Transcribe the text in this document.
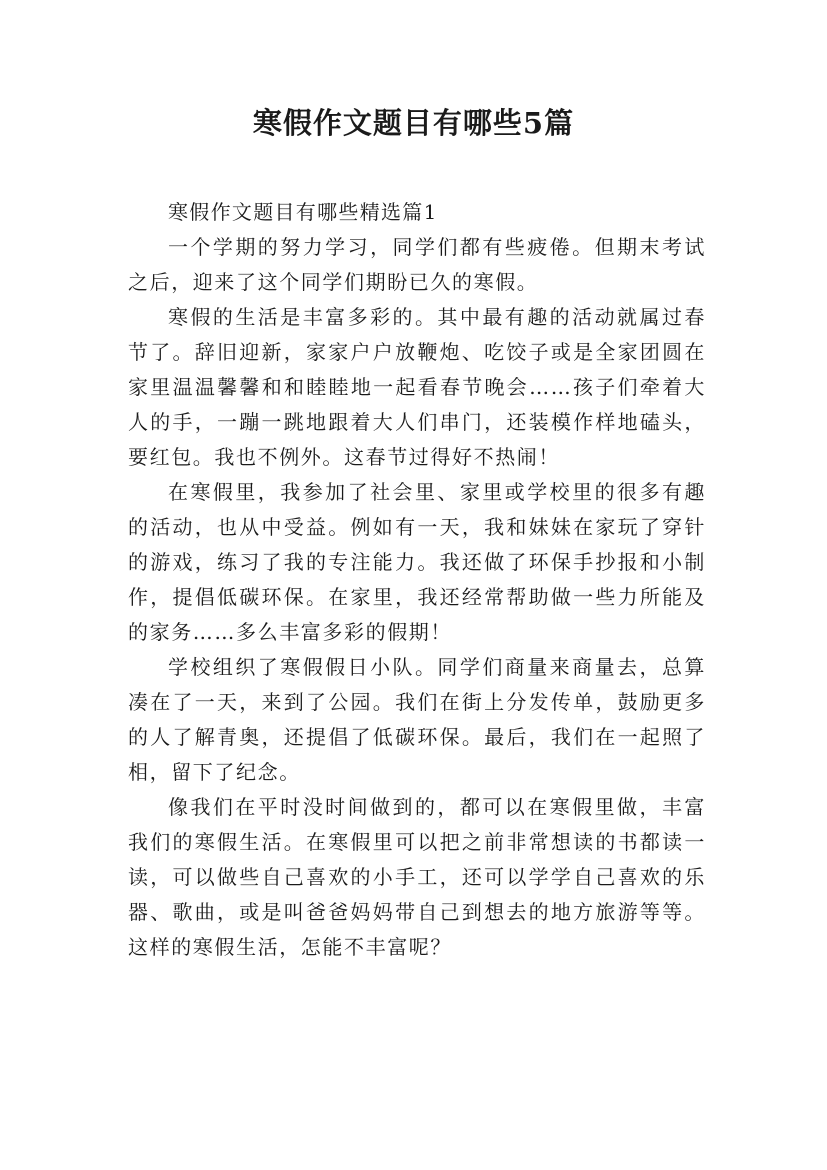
寒假作文题目有哪些5篇

寒假作文题目有哪些精选篇1

一个学期的努力学习，同学们都有些疲倦。但期末考试之后，迎来了这个同学们期盼已久的寒假。

寒假的生活是丰富多彩的。其中最有趣的活动就属过春节了。辞旧迎新，家家户户放鞭炮、吃饺子或是全家团圆在家里温温馨馨和和睦睦地一起看春节晚会……孩子们牵着大人的手，一蹦一跳地跟着大人们串门，还装模作样地磕头，要红包。我也不例外。这春节过得好不热闹！

在寒假里，我参加了社会里、家里或学校里的很多有趣的活动，也从中受益。例如有一天，我和妹妹在家玩了穿针的游戏，练习了我的专注能力。我还做了环保手抄报和小制作，提倡低碳环保。在家里，我还经常帮助做一些力所能及的家务……多么丰富多彩的假期！

学校组织了寒假假日小队。同学们商量来商量去，总算凑在了一天，来到了公园。我们在街上分发传单，鼓励更多的人了解青奥，还提倡了低碳环保。最后，我们在一起照了相，留下了纪念。

像我们在平时没时间做到的，都可以在寒假里做，丰富我们的寒假生活。在寒假里可以把之前非常想读的书都读一读，可以做些自己喜欢的小手工，还可以学学自己喜欢的乐器、歌曲，或是叫爸爸妈妈带自己到想去的地方旅游等等。这样的寒假生活，怎能不丰富呢？
